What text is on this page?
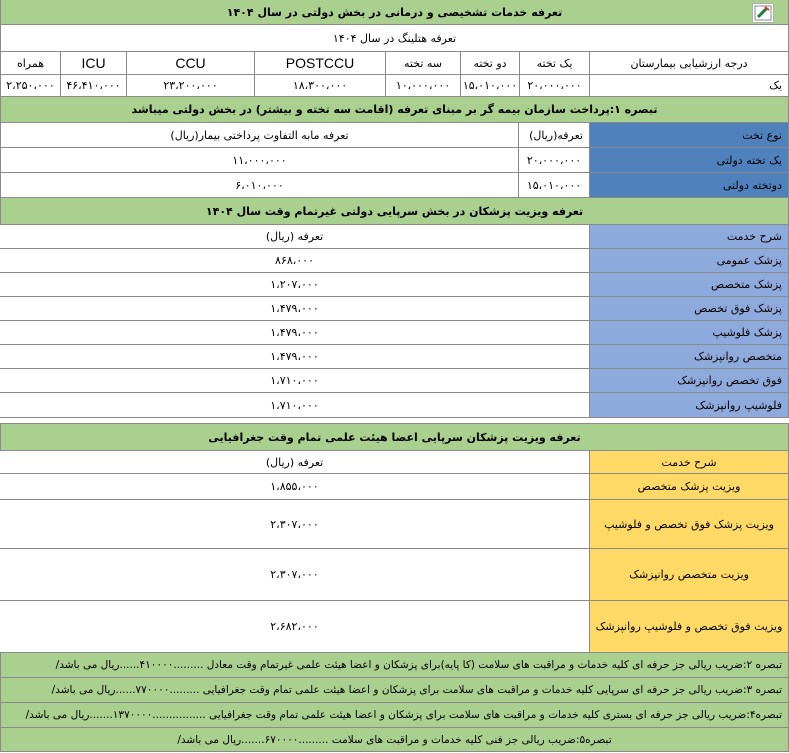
تعرفه خدمات تشخیصی و درمانی در بخش دولتی در سال ۱۴۰۴
تعرفه هتلینگ در سال ۱۴۰۴
درجه ارزشیابی بیمارستان
یک تخته
دو تخته
سه تخته
POSTCCU
CCU
ICU
همراه
یک
۲۰،۰۰۰،۰۰۰
۱۵،۰۱۰،۰۰۰
۱۰،۰۰۰،۰۰۰
۱۸،۳۰۰،۰۰۰
۲۳،۲۰۰،۰۰۰
۴۶،۴۱۰،۰۰۰
۲،۲۵۰،۰۰۰
تبصره ۱:پرداخت سازمان بیمه گر بر مبنای تعرفه (اقامت سه تخته و بیشتر) در بخش دولتی میباشد
نوع تخت
تعرفه(ریال)
تعرفه مابه التفاوت پرداختی بیمار(ریال)
یک تخته دولتی
۲۰،۰۰۰،۰۰۰
۱۱،۰۰۰،۰۰۰
دوتخته دولتی
۱۵،۰۱۰،۰۰۰
۶،۰۱۰،۰۰۰
تعرفه ویزیت پزشکان در بخش سرپایی دولتی غیرتمام وقت سال ۱۴۰۴
شرح خدمت
تعرفه (ریال)
پزشک عمومی
۸۶۸،۰۰۰
پزشک متخصص
۱،۲۰۷،۰۰۰
پزشک فوق تخصص
۱،۴۷۹،۰۰۰
پزشک فلوشیپ
۱،۴۷۹،۰۰۰
متخصص روانپزشک
۱،۴۷۹،۰۰۰
فوق تخصص روانپزشک
۱،۷۱۰،۰۰۰
فلوشیپ روانپزشک
۱،۷۱۰،۰۰۰
تعرفه ویزیت پزشکان سرپایی اعضا هیئت علمی تمام وقت جغرافیایی
شرح خدمت
تعرفه (ریال)
ویزیت پزشک متخصص
۱،۸۵۵،۰۰۰
ویزیت پزشک فوق تخصص و فلوشیپ
۲،۳۰۷،۰۰۰
ویزیت متخصص روانپزشک
۲،۳۰۷،۰۰۰
ویزیت فوق تخصص و فلوشیپ روانپزشک
۲،۶۸۲،۰۰۰
تبصره ۲:ضریب ریالی جز حرفه ای کلیه خدمات و مراقبت های سلامت (کا پایه)برای پزشکان و اعضا هیئت علمی غیرتمام وقت معادل .........۴۱۰۰۰۰......ریال می باشد/
تبصره ۳:ضریب ریالی جز حرفه ای سرپایی کلیه خدمات و مراقبت های سلامت برای پزشکان و اعضا هیئت علمی تمام وقت جغرافیایی .........۷۷۰۰۰۰......ریال می باشد/
تبصره۴:ضریب ریالی جز حرفه ای بستری کلیه خدمات و مراقبت های سلامت برای پزشکان و اعضا هیئت علمی تمام وقت جغرافیایی ................۱۳۷۰۰۰۰.......ریال می باشد/
تبصره۵:ضریب ریالی جز فنی کلیه خدمات و مراقبت های سلامت .........۶۷۰۰۰۰.......ریال می باشد/
